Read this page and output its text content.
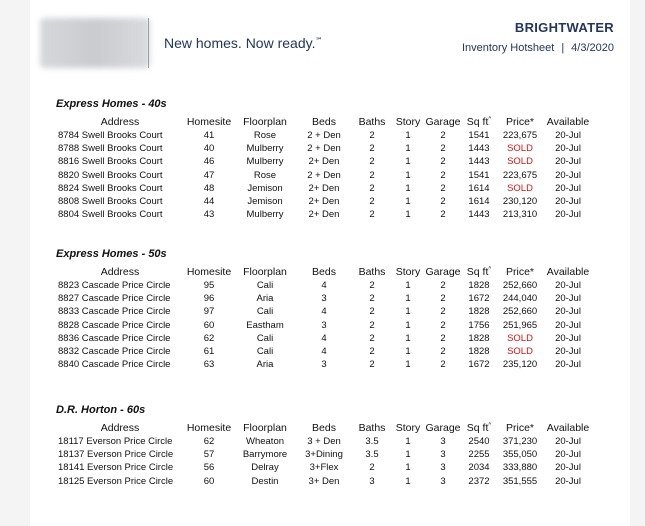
New homes. Now ready.℠
BRIGHTWATER
Inventory Hotsheet | 4/3/2020
Express Homes - 40s
Address	Homesite	Floorplan	Beds	Baths	Story	Garage	Sq ft^	Price*	Available
8784 Swell Brooks Court	41	Rose	2 + Den	2	1	2	1541	223,675	20-Jul
8788 Swell Brooks Court	40	Mulberry	2 + Den	2	1	2	1443	SOLD	20-Jul
8816 Swell Brooks Court	46	Mulberry	2+ Den	2	1	2	1443	SOLD	20-Jul
8820 Swell Brooks Court	47	Rose	2 + Den	2	1	2	1541	223,675	20-Jul
8824 Swell Brooks Court	48	Jemison	2+ Den	2	1	2	1614	SOLD	20-Jul
8808 Swell Brooks Court	44	Jemison	2+ Den	2	1	2	1614	230,120	20-Jul
8804 Swell Brooks Court	43	Mulberry	2+ Den	2	1	2	1443	213,310	20-Jul
Express Homes - 50s
Address	Homesite	Floorplan	Beds	Baths	Story	Garage	Sq ft^	Price*	Available
8823 Cascade Price Circle	95	Cali	4	2	1	2	1828	252,660	20-Jul
8827 Cascade Price Circle	96	Aria	3	2	1	2	1672	244,040	20-Jul
8833 Cascade Price Circle	97	Cali	4	2	1	2	1828	252,660	20-Jul
8828 Cascade Price Circle	60	Eastham	3	2	1	2	1756	251,965	20-Jul
8836 Cascade Price Circle	62	Cali	4	2	1	2	1828	SOLD	20-Jul
8832 Cascade Price Circle	61	Cali	4	2	1	2	1828	SOLD	20-Jul
8840 Cascade Price Circle	63	Aria	3	2	1	2	1672	235,120	20-Jul
D.R. Horton - 60s
Address	Homesite	Floorplan	Beds	Baths	Story	Garage	Sq ft^	Price*	Available
18117 Everson Price Circle	62	Wheaton	3 + Den	3.5	1	3	2540	371,230	20-Jul
18137 Everson Price Circle	57	Barrymore	3+Dining	3.5	1	3	2255	355,050	20-Jul
18141 Everson Price Circle	56	Delray	3+Flex	2	1	3	2034	333,880	20-Jul
18125 Everson Price Circle	60	Destin	3+ Den	3	1	3	2372	351,555	20-Jul
